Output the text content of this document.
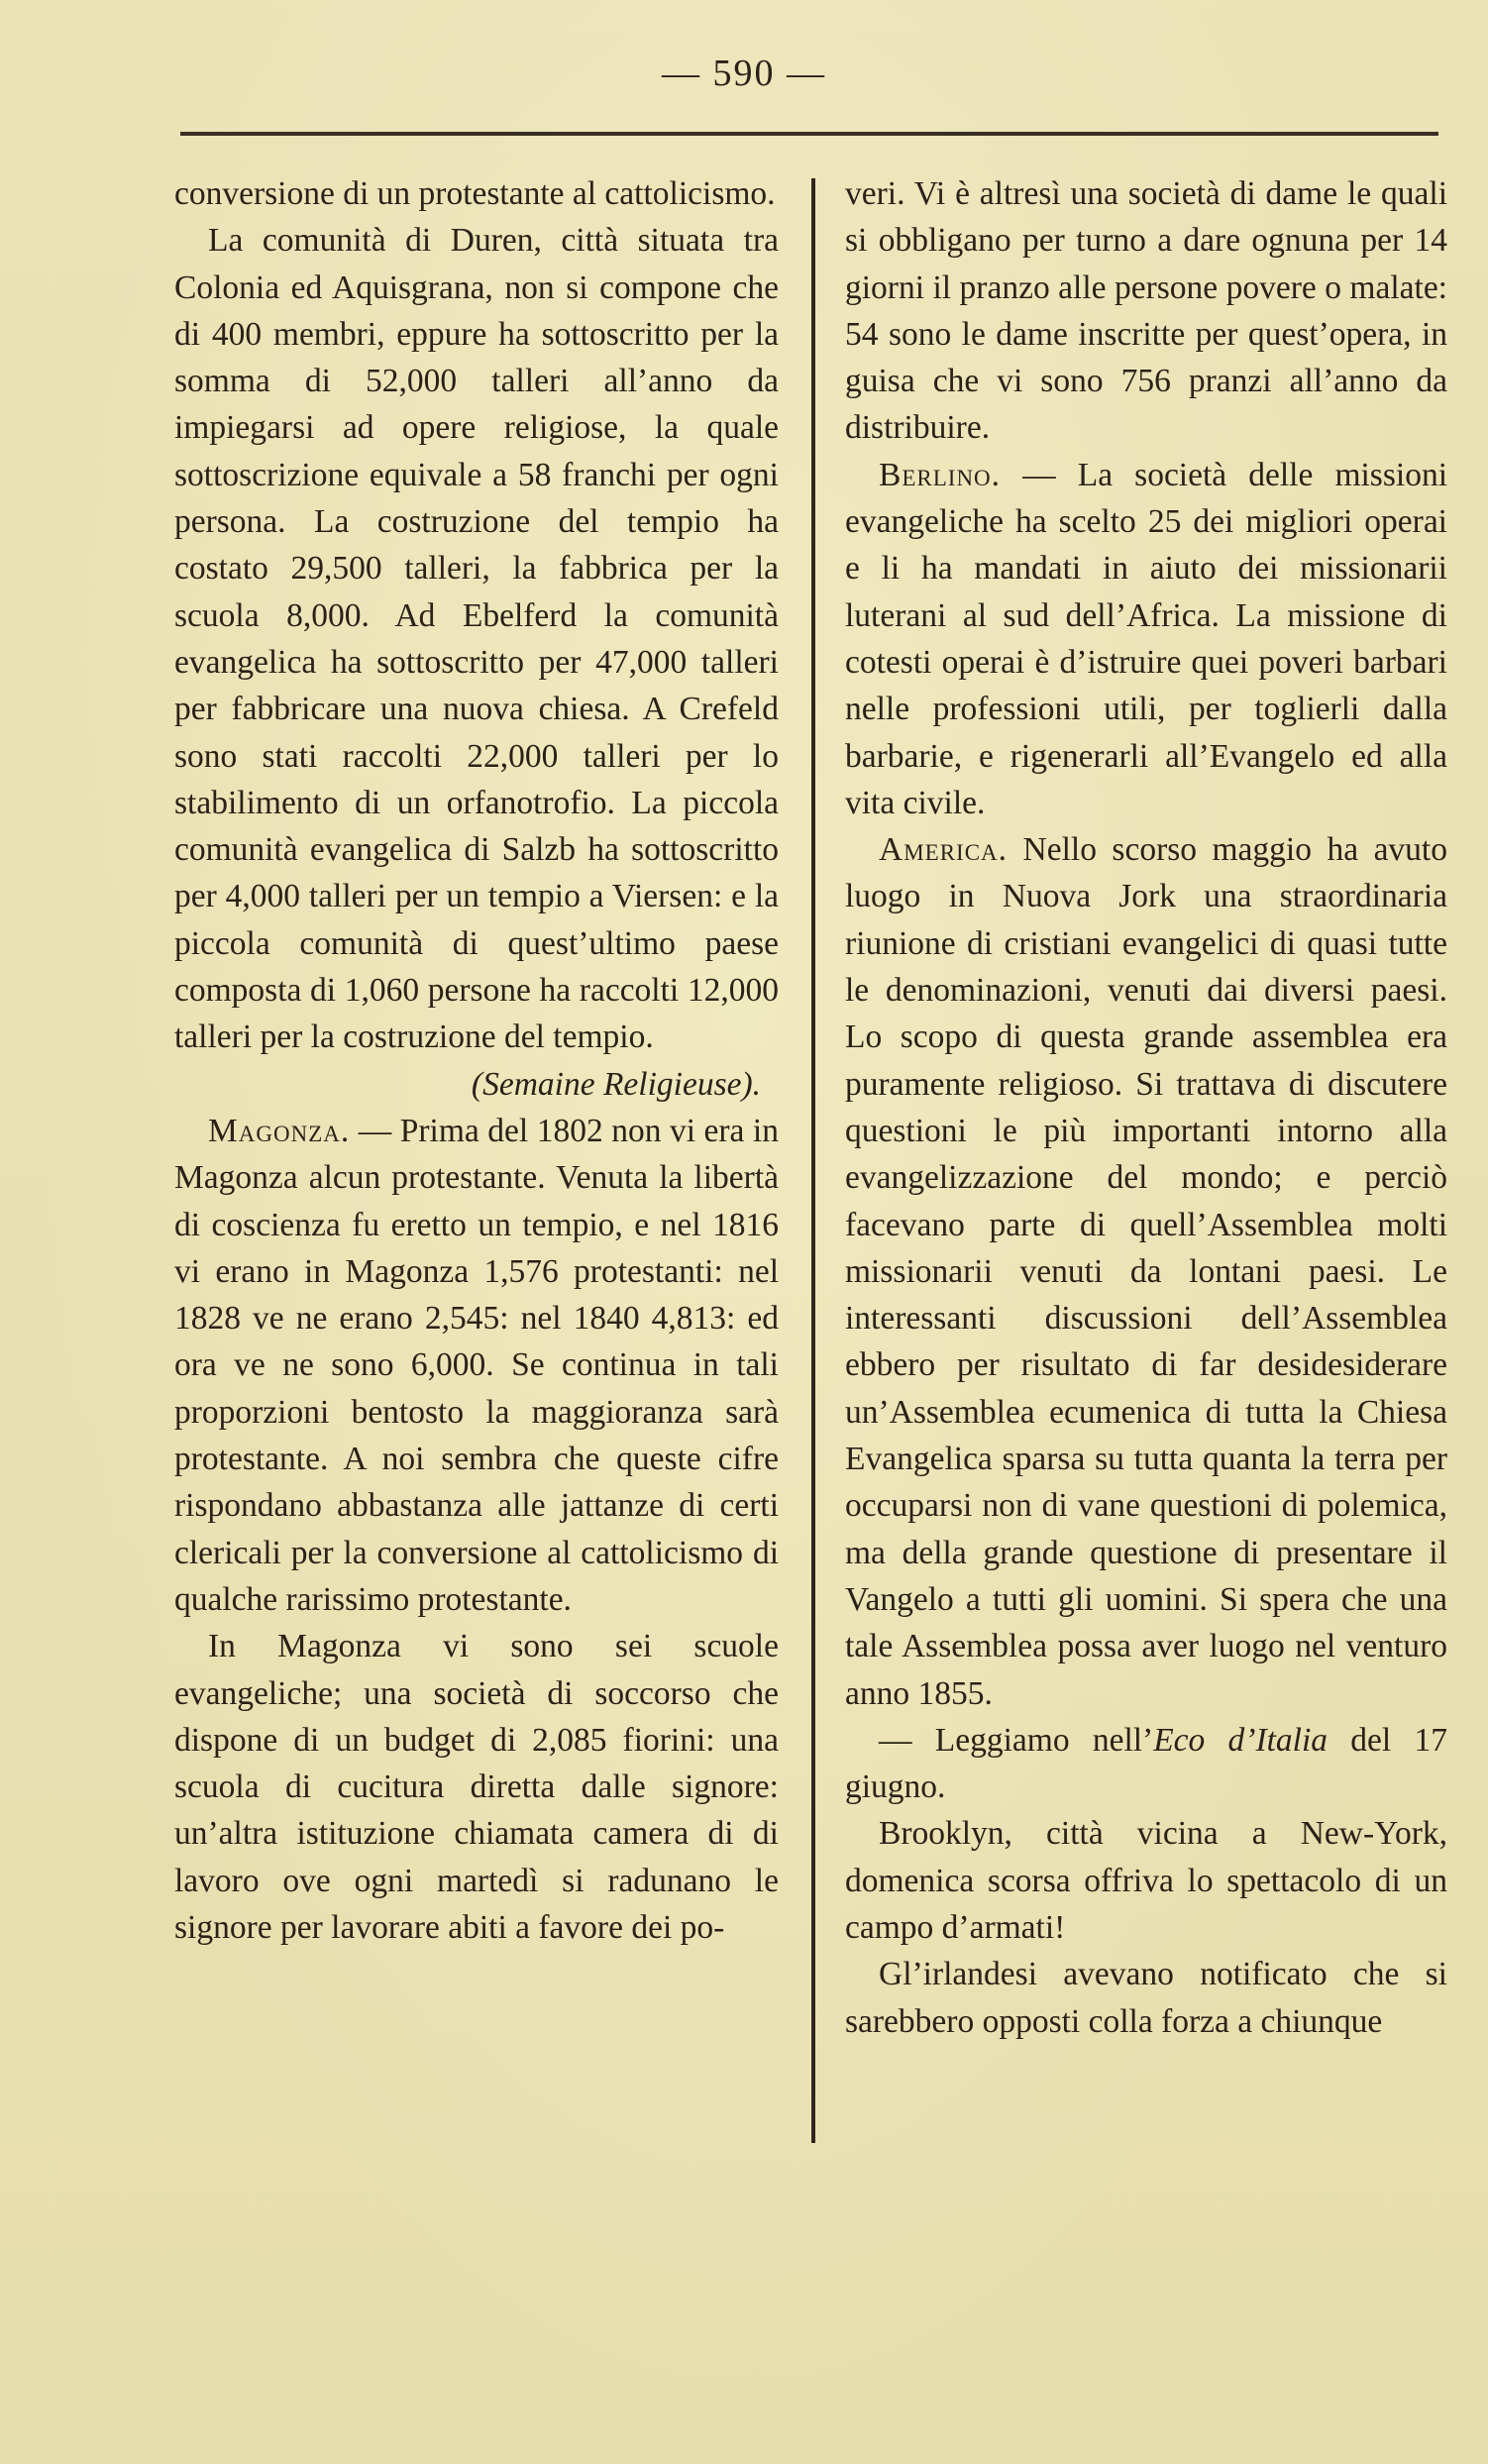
— 590 —

conversione di un protestante al cattolicismo.

La comunità di Duren, città situata tra Colonia ed Aquisgrana, non si compone che di 400 membri, eppure ha sottoscritto per la somma di 52,000 talleri all’anno da impiegarsi ad opere religiose, la quale sottoscrizione equivale a 58 franchi per ogni persona. La costruzione del tempio ha costato 29,500 talleri, la fabbrica per la scuola 8,000. Ad Ebelferd la comunità evangelica ha sottoscritto per 47,000 talleri per fabbricare una nuova chiesa. A Crefeld sono stati raccolti 22,000 talleri per lo stabilimento di un orfanotrofio. La piccola comunità evangelica di Salzb ha sottoscritto per 4,000 talleri per un tempio a Viersen: e la piccola comunità di quest’ultimo paese composta di 1,060 persone ha raccolti 12,000 talleri per la costruzione del tempio.

(Semaine Religieuse).

Magonza. — Prima del 1802 non vi era in Magonza alcun protestante. Venuta la libertà di coscienza fu eretto un tempio, e nel 1816 vi erano in Magonza 1,576 protestanti: nel 1828 ve ne erano 2,545: nel 1840 4,813: ed ora ve ne sono 6,000. Se continua in tali proporzioni bentosto la maggioranza sarà protestante. A noi sembra che queste cifre rispondano abbastanza alle jattanze di certi clericali per la conversione al cattolicismo di qualche rarissimo protestante.

In Magonza vi sono sei scuole evangeliche; una società di soccorso che dispone di un budget di 2,085 fiorini: una scuola di cucitura diretta dalle signore: un’altra istituzione chiamata camera di di lavoro ove ogni martedì si radunano le signore per lavorare abiti a favore dei po-

veri. Vi è altresì una società di dame le quali si obbligano per turno a dare ognuna per 14 giorni il pranzo alle persone povere o malate: 54 sono le dame inscritte per quest’opera, in guisa che vi sono 756 pranzi all’anno da distribuire.

Berlino. — La società delle missioni evangeliche ha scelto 25 dei migliori operai e li ha mandati in aiuto dei missionarii luterani al sud dell’Africa. La missione di cotesti operai è d’istruire quei poveri barbari nelle professioni utili, per toglierli dalla barbarie, e rigenerarli all’Evangelo ed alla vita civile.

America. Nello scorso maggio ha avuto luogo in Nuova Jork una straordinaria riunione di cristiani evangelici di quasi tutte le denominazioni, venuti dai diversi paesi. Lo scopo di questa grande assemblea era puramente religioso. Si trattava di discutere questioni le più importanti intorno alla evangelizzazione del mondo; e perciò facevano parte di quell’Assemblea molti missionarii venuti da lontani paesi. Le interessanti discussioni dell’Assemblea ebbero per risultato di far desidesiderare un’Assemblea ecumenica di tutta la Chiesa Evangelica sparsa su tutta quanta la terra per occuparsi non di vane questioni di polemica, ma della grande questione di presentare il Vangelo a tutti gli uomini. Si spera che una tale Assemblea possa aver luogo nel venturo anno 1855.

— Leggiamo nell’Eco d’Italia del 17 giugno.

Brooklyn, città vicina a New-York, domenica scorsa offriva lo spettacolo di un campo d’armati!

Gl’irlandesi avevano notificato che si sarebbero opposti colla forza a chiunque
